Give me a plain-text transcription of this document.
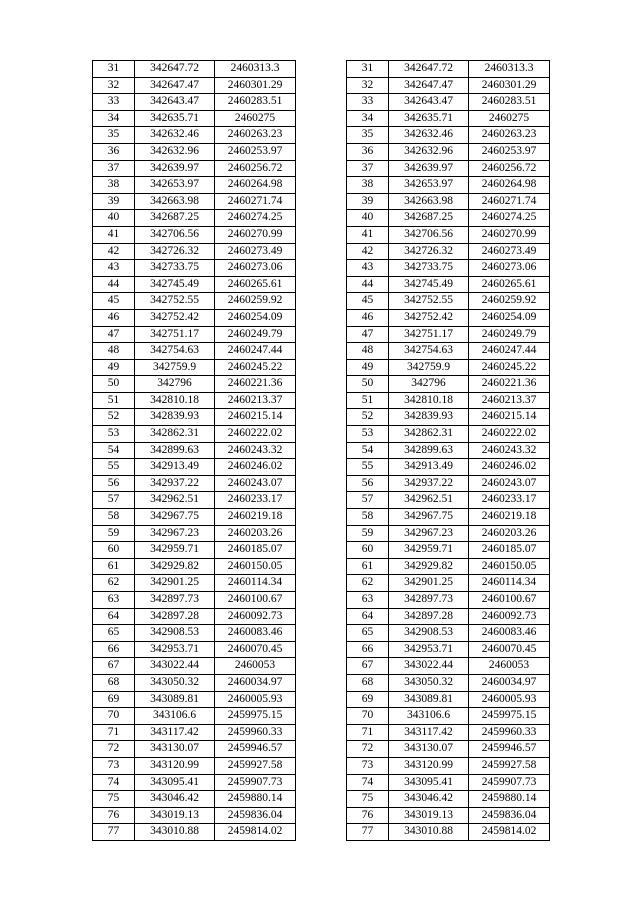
31	342647.72	2460313.3
32	342647.47	2460301.29
33	342643.47	2460283.51
34	342635.71	2460275
35	342632.46	2460263.23
36	342632.96	2460253.97
37	342639.97	2460256.72
38	342653.97	2460264.98
39	342663.98	2460271.74
40	342687.25	2460274.25
41	342706.56	2460270.99
42	342726.32	2460273.49
43	342733.75	2460273.06
44	342745.49	2460265.61
45	342752.55	2460259.92
46	342752.42	2460254.09
47	342751.17	2460249.79
48	342754.63	2460247.44
49	342759.9	2460245.22
50	342796	2460221.36
51	342810.18	2460213.37
52	342839.93	2460215.14
53	342862.31	2460222.02
54	342899.63	2460243.32
55	342913.49	2460246.02
56	342937.22	2460243.07
57	342962.51	2460233.17
58	342967.75	2460219.18
59	342967.23	2460203.26
60	342959.71	2460185.07
61	342929.82	2460150.05
62	342901.25	2460114.34
63	342897.73	2460100.67
64	342897.28	2460092.73
65	342908.53	2460083.46
66	342953.71	2460070.45
67	343022.44	2460053
68	343050.32	2460034.97
69	343089.81	2460005.93
70	343106.6	2459975.15
71	343117.42	2459960.33
72	343130.07	2459946.57
73	343120.99	2459927.58
74	343095.41	2459907.73
75	343046.42	2459880.14
76	343019.13	2459836.04
77	343010.88	2459814.02
31	342647.72	2460313.3
32	342647.47	2460301.29
33	342643.47	2460283.51
34	342635.71	2460275
35	342632.46	2460263.23
36	342632.96	2460253.97
37	342639.97	2460256.72
38	342653.97	2460264.98
39	342663.98	2460271.74
40	342687.25	2460274.25
41	342706.56	2460270.99
42	342726.32	2460273.49
43	342733.75	2460273.06
44	342745.49	2460265.61
45	342752.55	2460259.92
46	342752.42	2460254.09
47	342751.17	2460249.79
48	342754.63	2460247.44
49	342759.9	2460245.22
50	342796	2460221.36
51	342810.18	2460213.37
52	342839.93	2460215.14
53	342862.31	2460222.02
54	342899.63	2460243.32
55	342913.49	2460246.02
56	342937.22	2460243.07
57	342962.51	2460233.17
58	342967.75	2460219.18
59	342967.23	2460203.26
60	342959.71	2460185.07
61	342929.82	2460150.05
62	342901.25	2460114.34
63	342897.73	2460100.67
64	342897.28	2460092.73
65	342908.53	2460083.46
66	342953.71	2460070.45
67	343022.44	2460053
68	343050.32	2460034.97
69	343089.81	2460005.93
70	343106.6	2459975.15
71	343117.42	2459960.33
72	343130.07	2459946.57
73	343120.99	2459927.58
74	343095.41	2459907.73
75	343046.42	2459880.14
76	343019.13	2459836.04
77	343010.88	2459814.02
